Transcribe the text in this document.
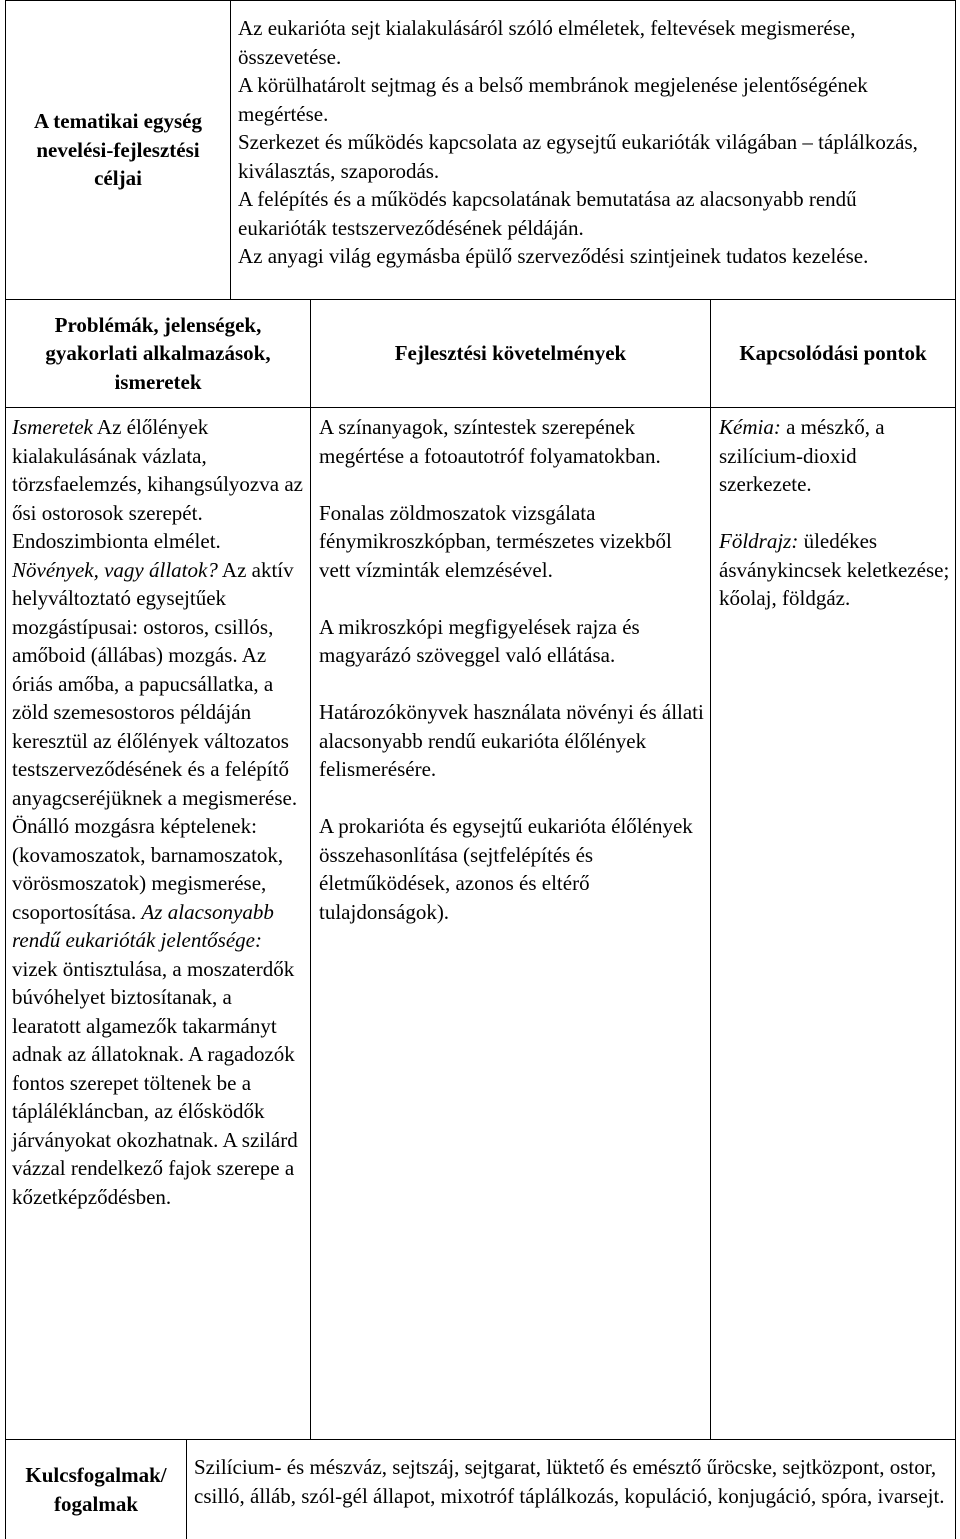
A tematikai egység nevelési-fejlesztési céljai
Az eukarióta sejt kialakulásáról szóló elméletek, feltevések megismerése, összevetése.
A körülhatárolt sejtmag és a belső membránok megjelenése jelentőségének megértése.
Szerkezet és működés kapcsolata az egysejtű eukarióták világában – táplálkozás, kiválasztás, szaporodás.
A felépítés és a működés kapcsolatának bemutatása az alacsonyabb rendű eukarióták testszerveződésének példáján.
Az anyagi világ egymásba épülő szerveződési szintjeinek tudatos kezelése.
Problémák, jelenségek, gyakorlati alkalmazások, ismeretek
Fejlesztési követelmények	Kapcsolódási pontok
Ismeretek Az élőlények kialakulásának vázlata, törzsfaelemzés, kihangsúlyozva az ősi ostorosok szerepét. Endoszimbionta elmélet. Növények, vagy állatok? Az aktív helyváltoztató egysejtűek mozgástípusai: ostoros, csillós, amőboid (állábas) mozgás. Az óriás amőba, a papucsállatka, a zöld szemesostoros példáján keresztül az élőlények változatos testszerveződésének és a felépítő anyagcseréjüknek a megismerése. Önálló mozgásra képtelenek: (kovamoszatok, barnamoszatok, vörösmoszatok) megismerése, csoportosítása. Az alacsonyabb rendű eukarióták jelentősége: vizek öntisztulása, a moszaterdők búvóhelyet biztosítanak, a learatott algamezők takarmányt adnak az állatoknak. A ragadozók fontos szerepet töltenek be a táplálékláncban, az élősködők járványokat okozhatnak. A szilárd vázzal rendelkező fajok szerepe a kőzetképződésben.

A színanyagok, színtestek szerepének megértése a fotoautotróf folyamatokban.

Fonalas zöldmoszatok vizsgálata fénymikroszkópban, természetes vizekből vett vízminták elemzésével.

A mikroszkópi megfigyelések rajza és magyarázó szöveggel való ellátása.

Határozókönyvek használata növényi és állati alacsonyabb rendű eukarióta élőlények felismerésére.

A prokarióta és egysejtű eukarióta élőlények összehasonlítása (sejtfelépítés és életműködések, azonos és eltérő tulajdonságok).

Kémia: a mészkő, a szilícium-dioxid szerkezete.

Földrajz: üledékes ásványkincsek keletkezése; kőolaj, földgáz.

Kulcsfogalmak/ fogalmak
Szilícium- és mészváz, sejtszáj, sejtgarat, lüktető és emésztő űröcske, sejtközpont, ostor, csilló, álláb, szól-gél állapot, mixotróf táplálkozás, kopuláció, konjugáció, spóra, ivarsejt.
